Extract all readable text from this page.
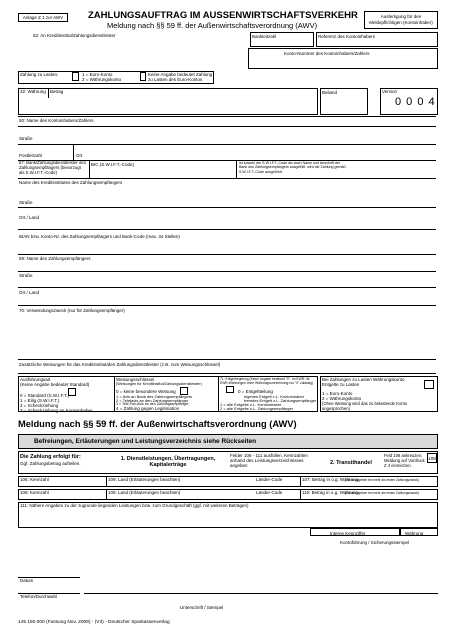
Anlage Z 1 zur AWV	ZAHLUNGSAUFTRAG IM AUSSENWIRTSCHAFTSVERKEHR
Meldung nach §§ 59 ff. der Außenwirtschaftsverordnung (AWV)
Ausfertigung für den Meldepflichtigen (Kontoinhaber)
52: An Kreditinstitut/Zahlungsdienstleister	Bankleitzahl	Referenz des Kontoinhabers
Konto-Nummer des Kontoinhabers/Zahlers
Zahlung zu Lasten:	1 = Euro-Konto
2 = Währungskonto
Keine Angabe bedeutet Zahlung
zu Lasten des Euro-Kontos
32: Währung Betrag	Beiland	Version
0 0 0 4
50: Name des Kontoinhabers/Zahlers
Straße
Postleitzahl	Ort
57: Bank/Zahlungsdienstleister des Zahlungsempfängers (bevorzugt als S.W.I.F.T.-Code)
BIC (S.W.I.F.T.-Code)	Ist sowohl der S.W.I.F.T.-Code als auch Name und Anschrift der Bank des Zahlungsempfängers ausgefüllt, wird die Zahlung gemäß S.W.I.F.T.-Code ausgeführt.
Name des Kreditinstitutes des Zahlungsempfängers
Straße
Ort / Land
IBAN bzw. Konto-Nr. des Zahlungsempfängers und Bank-Code (max. 34 Stellen)
59: Name des Zahlungsempfängers
Straße
Ort / Land
70: Verwendungszweck (nur für Zahlungsempfänger)
Zusätzliche Weisungen für das Kreditinstitut/den Zahlungsdienstleister (z.B. zum Weisungsschlüssel)
Ausführungsart
(Keine Angabe bedeutet Standard)
0 = Standard (S.W.I.F.T.)
1 = Eilig (S.W.I.F.T.)
2 = Scheckziehung
3 = Scheckziehung an Kontoinhaber
Weisungsschlüssel
(Weisungen für Kreditinstitut/Zahlungsdienstleister)
0 = keine besondere Weisung
1 = Avis an Bank des Zahlungsempfängers
2 = Telefavis an den Zahlungsempfänger
3 = Tele-Fax-Avis an den Zahlungsempfänger
4 = Zahlung gegen Legitimation
71: Entgeltregelung (Keine Angabe bedeutet "0". Im EWR: für EWR-Währungen ohne Währungsumrechnung nur "0" zulässig)
0 = Entgeltteilung
eigenes Entgelt z.L. Kontoinhaber
fremdes Entgelt z.L. Zahlungsempfänger
1 = alle Entgelte z.L. Kontoinhaber
2 = alle Entgelte z.L. Zahlungsempfänger
Bei Zahlungen zu Lasten Währungskonto Entgelte zu Lasten
1 = Euro-Konto
2 = Währungskonto
(Ohne Weisung wird das zu belastende Konto angesprochen)
Meldung nach §§ 59 ff. der Außenwirtschaftsverordnung (AWV)
Befreiungen, Erläuterungen und Leistungsverzeichnis siehe Rückseiten
Die Zahlung erfolgt für:
Ggf. Zahlungsbetrag aufteilen.
1. Dienstleistungen, Übertragungen, Kapitalerträge
Felder 106 - 111 ausfüllen. Kennzahlen anhand des Leistungsverzeichnisses angeben	2. Transithandel
Feld 108 ankreuzen; Meldung auf Vordruck Z 4 einreichen.
108
106: Kennzahl	109: Land (Erläuterungen beachten)	Länder-Code	107: Betrag in o.g. Währung
(nur anzugeben bei mehr als einem Zahlungszweck)
108: Kennzahl	109: Land (Erläuterungen beachten)	Länder-Code	110: Betrag in o.g. Währung
(nur anzugeben bei mehr als einem Zahlungszweck)
111: Nähere Angaben zu der zugrunde liegenden Leistungen bzw. zum Grundgeschäft (ggf. mit weiteren Beträgen)
Interne Kennziffer	Währung
Kontoführung / Sicherungsstempel
Datum
Telefon/Durchwahl
Unterschrift / Stempel
145 150.000 (Fassung Nov. 2009) - (V3) - Deutscher Sparkassenverlag
